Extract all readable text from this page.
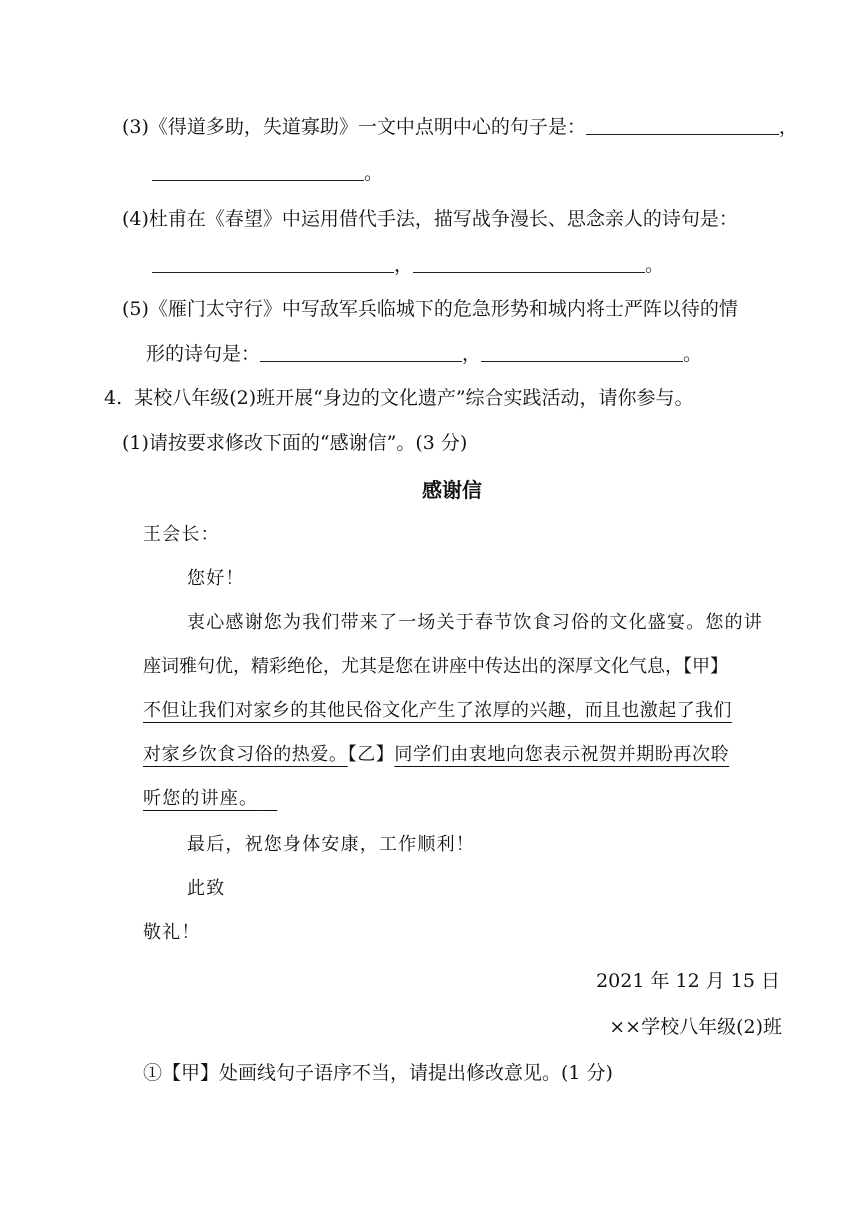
(3)《得道多助，失道寡助》一文中点明中心的句子是：	，
。
(4)杜甫在《春望》中运用借代手法，描写战争漫长、思念亲人的诗句是：
，	。
(5)《雁门太守行》中写敌军兵临城下的危急形势和城内将士严阵以待的情
形的诗句是：	，	。
4.  某校八年级(2)班开展“身边的文化遗产”综合实践活动，请你参与。
(1)请按要求修改下面的“感谢信”。(3 分)
感谢信
王会长：
您好！
衷心感谢您为我们带来了一场关于春节饮食习俗的文化盛宴。您的讲
座词雅句优，精彩绝伦，尤其是您在讲座中传达出的深厚文化气息，【甲】
不但让我们对家乡的其他民俗文化产生了浓厚的兴趣，而且也激起了我们
对家乡饮食习俗的热爱。【乙】同学们由衷地向您表示祝贺并期盼再次聆
听您的讲座。 
最后，祝您身体安康，工作顺利！
此致
敬礼！
2021 年 12 月 15 日
××学校八年级(2)班
①【甲】处画线句子语序不当，请提出修改意见。(1 分)
